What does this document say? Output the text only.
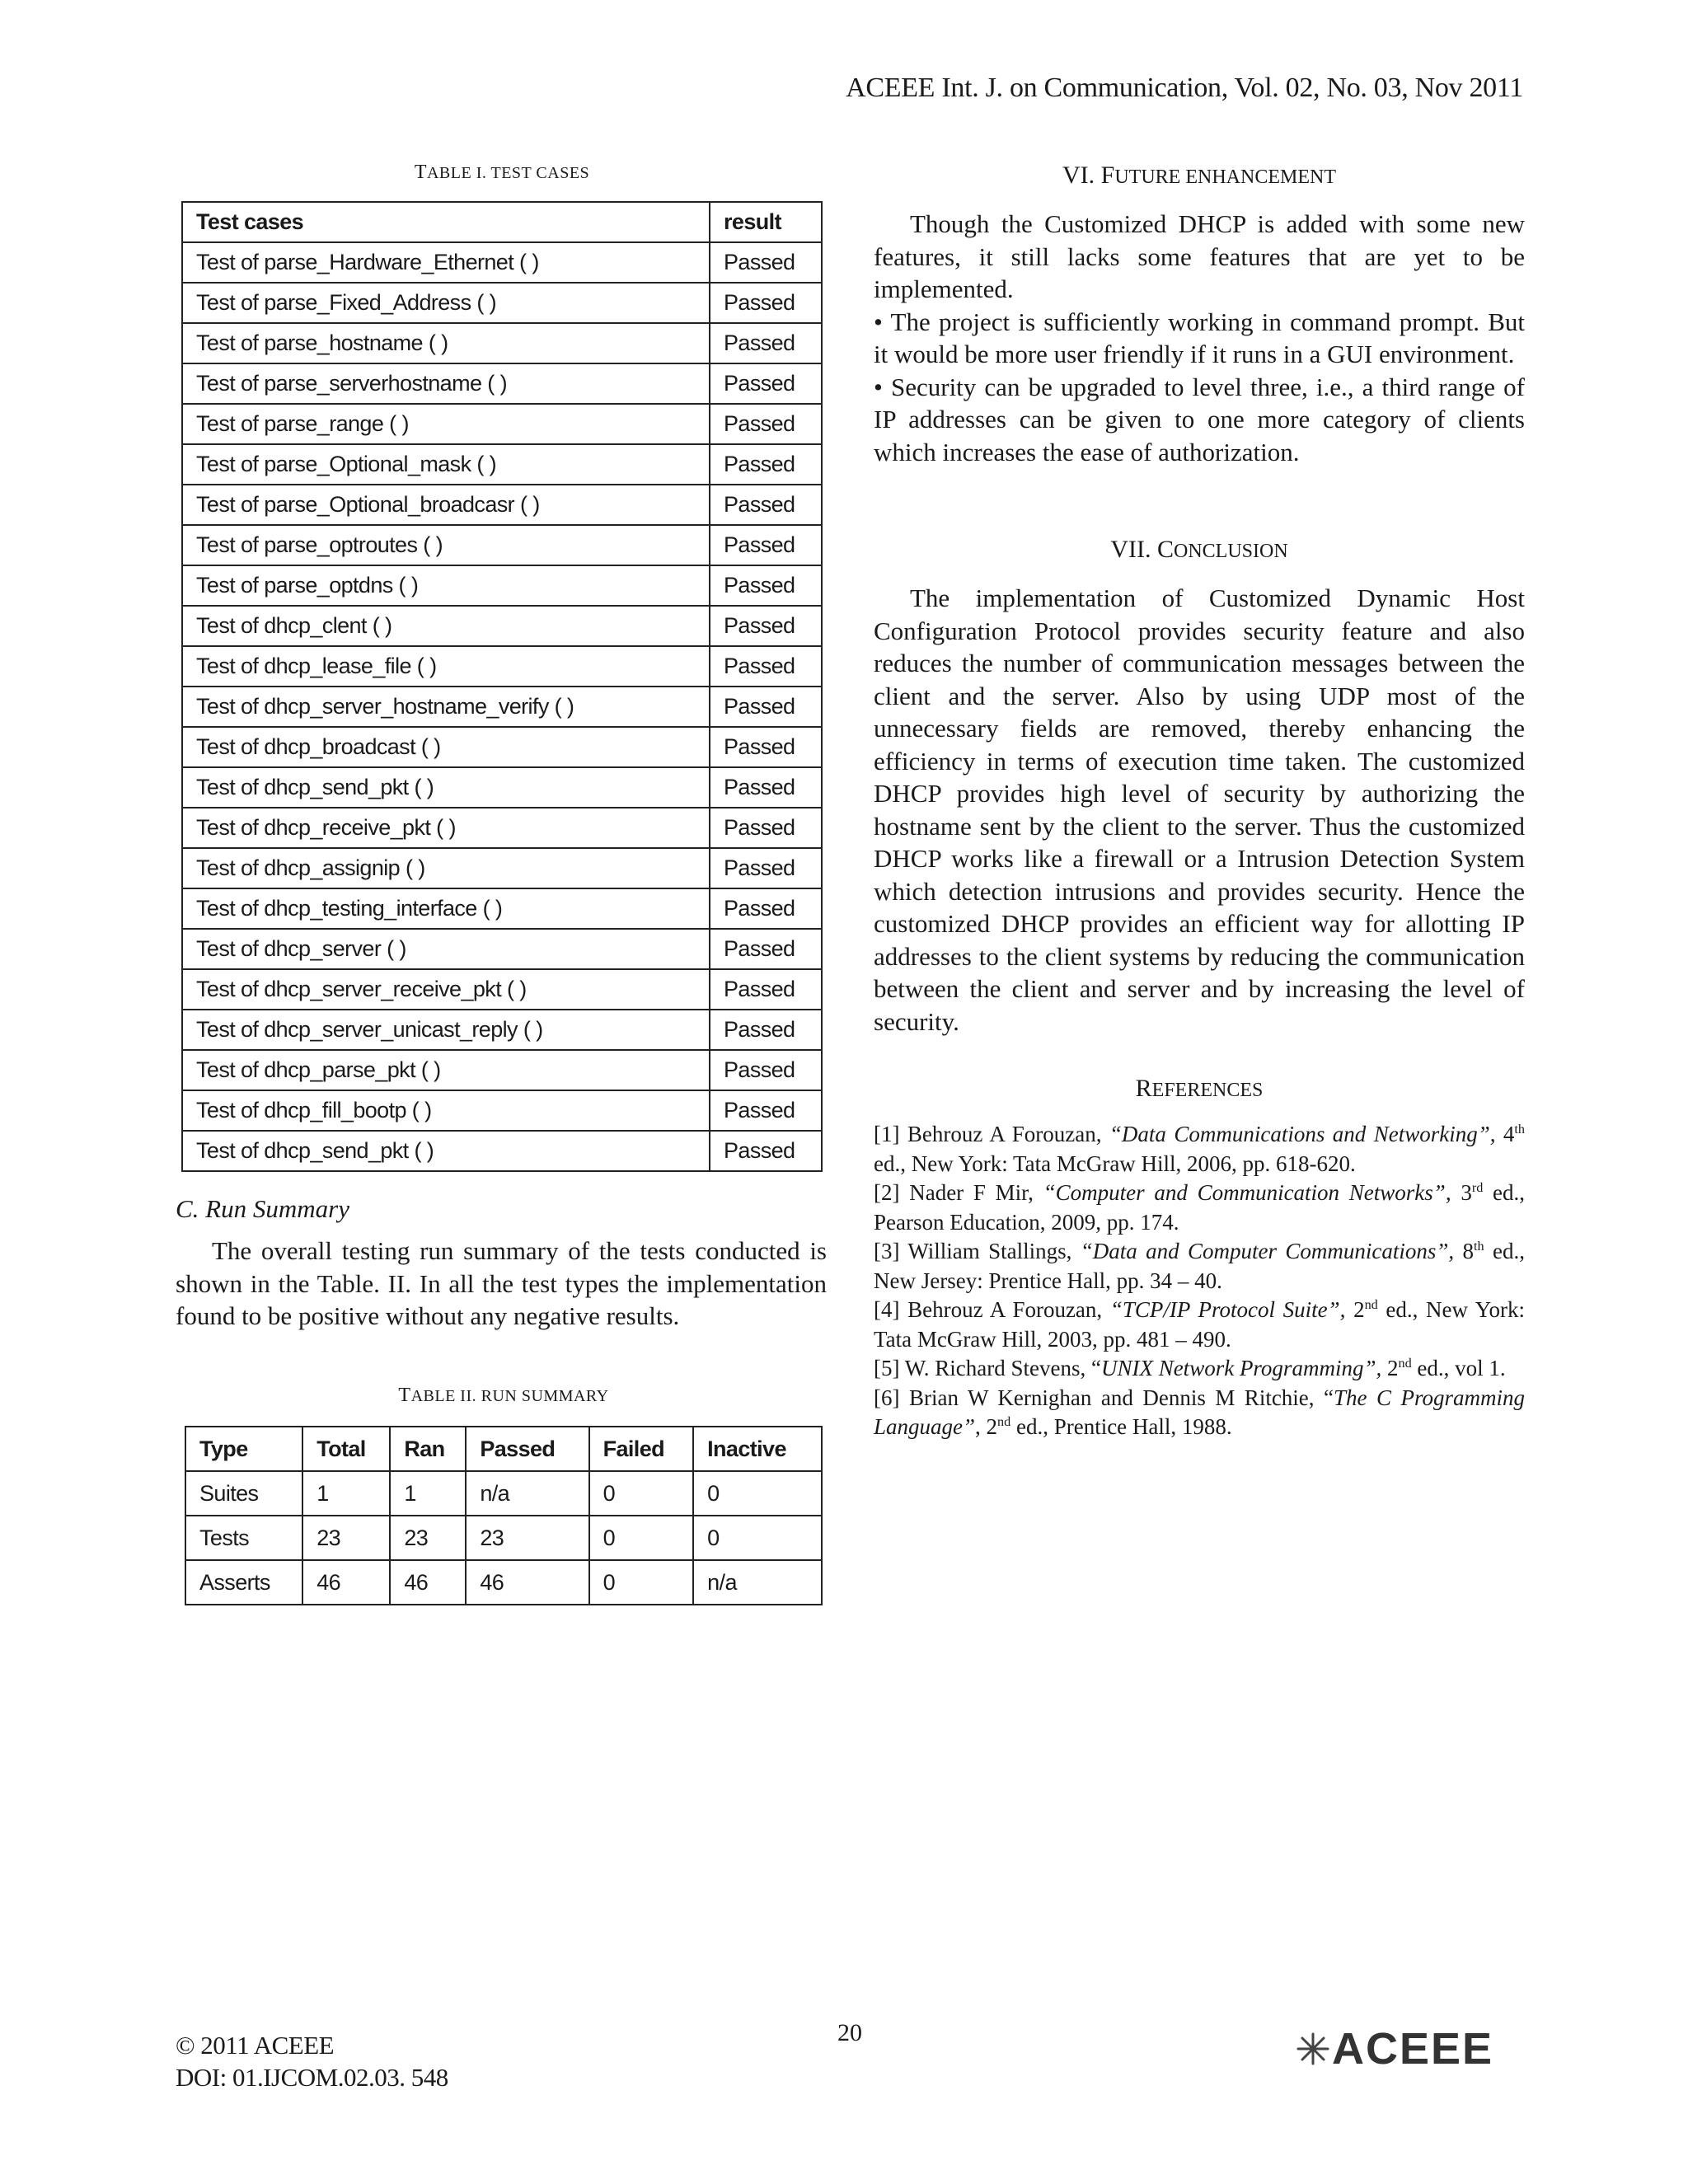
ACEEE Int. J. on Communication, Vol. 02, No. 03, Nov 2011
TABLE I. TEST CASES
Test cases	result
Test of parse_Hardware_Ethernet ( )	Passed
Test of parse_Fixed_Address ( )	Passed
Test of parse_hostname ( )	Passed
Test of parse_serverhostname ( )	Passed
Test of parse_range ( )	Passed
Test of parse_Optional_mask ( )	Passed
Test of parse_Optional_broadcasr ( )	Passed
Test of parse_optroutes ( )	Passed
Test of parse_optdns ( )	Passed
Test of dhcp_clent ( )	Passed
Test of dhcp_lease_file ( )	Passed
Test of dhcp_server_hostname_verify ( )	Passed
Test of dhcp_broadcast ( )	Passed
Test of dhcp_send_pkt ( )	Passed
Test of dhcp_receive_pkt ( )	Passed
Test of dhcp_assignip ( )	Passed
Test of dhcp_testing_interface ( )	Passed
Test of dhcp_server ( )	Passed
Test of dhcp_server_receive_pkt ( )	Passed
Test of dhcp_server_unicast_reply ( )	Passed
Test of dhcp_parse_pkt ( )	Passed
Test of dhcp_fill_bootp ( )	Passed
Test of dhcp_send_pkt ( )	Passed
C. Run Summary

The overall testing run summary of the tests conducted is shown in the Table. II. In all the test types the implementation found to be positive without any negative results.

TABLE II. RUN SUMMARY
Type	Total	Ran	Passed	Failed	Inactive
Suites	1	1	n/a	0	0
Tests	23	23	23	0	0
Asserts	46	46	46	0	n/a
VI. FUTURE ENHANCEMENT

Though the Customized DHCP is added with some new features, it still lacks some features that are yet to be implemented.

• The project is sufficiently working in command prompt. But it would be more user friendly if it runs in a GUI environment.

• Security can be upgraded to level three, i.e., a third range of IP addresses can be given to one more category of clients which increases the ease of authorization.

VII. CONCLUSION

The implementation of Customized Dynamic Host Configuration Protocol provides security feature and also reduces the number of communication messages between the client and the server. Also by using UDP most of the unnecessary fields are removed, thereby enhancing the efficiency in terms of execution time taken. The customized DHCP provides high level of security by authorizing the hostname sent by the client to the server. Thus the customized DHCP works like a firewall or a Intrusion Detection System which detection intrusions and provides security. Hence the customized DHCP provides an efficient way for allotting IP addresses to the client systems by reducing the communication between the client and server and by increasing the level of security.

REFERENCES
[1] Behrouz A Forouzan, “Data Communications and Networking”, 4th ed., New York: Tata McGraw Hill, 2006, pp. 618-620.
[2] Nader F Mir, “Computer and Communication Networks”, 3rd ed., Pearson Education, 2009, pp. 174.
[3] William Stallings, “Data and Computer Communications”, 8th ed., New Jersey: Prentice Hall, pp. 34 – 40.
[4] Behrouz A Forouzan, “TCP/IP Protocol Suite”, 2nd ed., New York: Tata McGraw Hill, 2003, pp. 481 – 490.
[5] W. Richard Stevens, “UNIX Network Programming”, 2nd ed., vol 1.
[6] Brian W Kernighan and Dennis M Ritchie, “The C Programming Language”, 2nd ed., Prentice Hall, 1988.
© 2011 ACEEE
DOI: 01.IJCOM.02.03. 548
20	ACEEE
